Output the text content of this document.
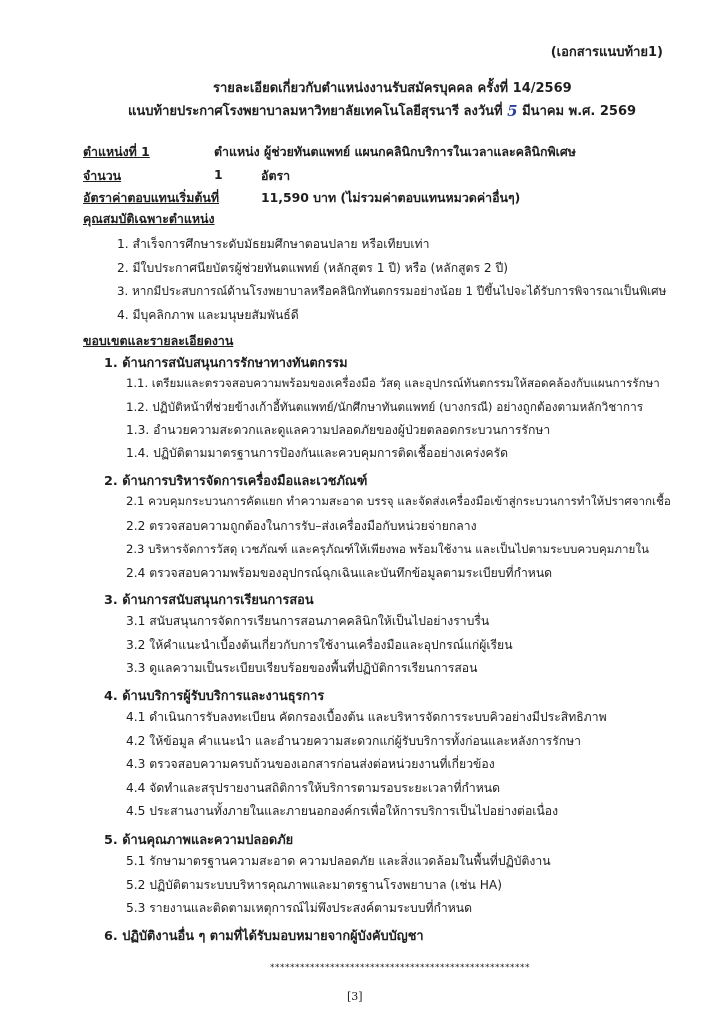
(เอกสารแนบท้าย1)
รายละเอียดเกี่ยวกับตำแหน่งงานรับสมัครบุคคล ครั้งที่ 14/2569
แนบท้ายประกาศโรงพยาบาลมหาวิทยาลัยเทคโนโลยีสุรนารี ลงวันที่ 5 มีนาคม พ.ศ. 2569
ตำแหน่งที่ 1	ตำแหน่ง ผู้ช่วยทันตแพทย์ แผนกคลินิกบริการในเวลาและคลินิกพิเศษ
จำนวน	1	อัตรา
อัตราค่าตอบแทนเริ่มต้นที่	11,590 บาท (ไม่รวมค่าตอบแทนหมวดค่าอื่นๆ)
คุณสมบัติเฉพาะตำแหน่ง
1. สำเร็จการศึกษาระดับมัธยมศึกษาตอนปลาย หรือเทียบเท่า
2. มีใบประกาศนียบัตรผู้ช่วยทันตแพทย์ (หลักสูตร 1 ปี) หรือ (หลักสูตร 2 ปี)
3. หากมีประสบการณ์ด้านโรงพยาบาลหรือคลินิกทันตกรรมอย่างน้อย 1 ปีขึ้นไปจะได้รับการพิจารณาเป็นพิเศษ
4. มีบุคลิกภาพ และมนุษยสัมพันธ์ดี
ขอบเขตและรายละเอียดงาน
1. ด้านการสนับสนุนการรักษาทางทันตกรรม
1.1. เตรียมและตรวจสอบความพร้อมของเครื่องมือ วัสดุ และอุปกรณ์ทันตกรรมให้สอดคล้องกับแผนการรักษา
1.2. ปฏิบัติหน้าที่ช่วยข้างเก้าอี้ทันตแพทย์/นักศึกษาทันตแพทย์ (บางกรณี) อย่างถูกต้องตามหลักวิชาการ
1.3. อำนวยความสะดวกและดูแลความปลอดภัยของผู้ป่วยตลอดกระบวนการรักษา
1.4. ปฏิบัติตามมาตรฐานการป้องกันและควบคุมการติดเชื้ออย่างเคร่งครัด
2. ด้านการบริหารจัดการเครื่องมือและเวชภัณฑ์
2.1 ควบคุมกระบวนการคัดแยก ทำความสะอาด บรรจุ และจัดส่งเครื่องมือเข้าสู่กระบวนการทำให้ปราศจากเชื้อ
2.2 ตรวจสอบความถูกต้องในการรับ–ส่งเครื่องมือกับหน่วยจ่ายกลาง
2.3 บริหารจัดการวัสดุ เวชภัณฑ์ และครุภัณฑ์ให้เพียงพอ พร้อมใช้งาน และเป็นไปตามระบบควบคุมภายใน
2.4 ตรวจสอบความพร้อมของอุปกรณ์ฉุกเฉินและบันทึกข้อมูลตามระเบียบที่กำหนด
3. ด้านการสนับสนุนการเรียนการสอน
3.1 สนับสนุนการจัดการเรียนการสอนภาคคลินิกให้เป็นไปอย่างราบรื่น
3.2 ให้คำแนะนำเบื้องต้นเกี่ยวกับการใช้งานเครื่องมือและอุปกรณ์แก่ผู้เรียน
3.3 ดูแลความเป็นระเบียบเรียบร้อยของพื้นที่ปฏิบัติการเรียนการสอน
4. ด้านบริการผู้รับบริการและงานธุรการ
4.1 ดำเนินการรับลงทะเบียน คัดกรองเบื้องต้น และบริหารจัดการระบบคิวอย่างมีประสิทธิภาพ
4.2 ให้ข้อมูล คำแนะนำ และอำนวยความสะดวกแก่ผู้รับบริการทั้งก่อนและหลังการรักษา
4.3 ตรวจสอบความครบถ้วนของเอกสารก่อนส่งต่อหน่วยงานที่เกี่ยวข้อง
4.4 จัดทำและสรุปรายงานสถิติการให้บริการตามรอบระยะเวลาที่กำหนด
4.5 ประสานงานทั้งภายในและภายนอกองค์กรเพื่อให้การบริการเป็นไปอย่างต่อเนื่อง
5. ด้านคุณภาพและความปลอดภัย
5.1 รักษามาตรฐานความสะอาด ความปลอดภัย และสิ่งแวดล้อมในพื้นที่ปฏิบัติงาน
5.2 ปฏิบัติตามระบบบริหารคุณภาพและมาตรฐานโรงพยาบาล (เช่น HA)
5.3 รายงานและติดตามเหตุการณ์ไม่พึงประสงค์ตามระบบที่กำหนด
6. ปฏิบัติงานอื่น ๆ ตามที่ได้รับมอบหมายจากผู้บังคับบัญชา
****************************************************
[3]
